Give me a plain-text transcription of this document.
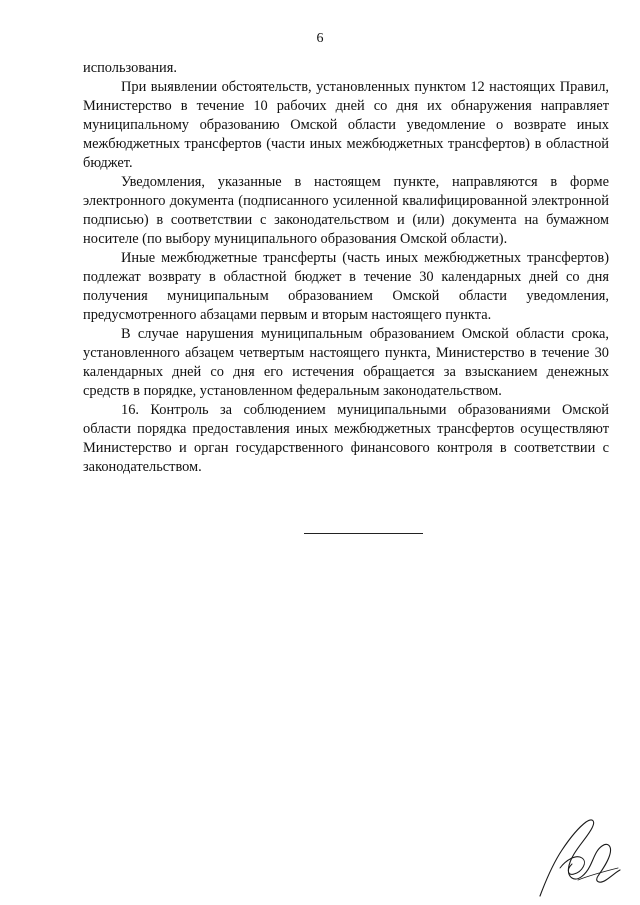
6

использования.

При выявлении обстоятельств, установленных пунктом 12 настоящих Правил, Министерство в течение 10 рабочих дней со дня их обнаружения направляет муниципальному образованию Омской области уведомление о возврате иных межбюджетных трансфертов (части иных межбюджетных трансфертов) в областной бюджет.

Уведомления, указанные в настоящем пункте, направляются в форме электронного документа (подписанного усиленной квалифицированной электронной подписью) в соответствии с законодательством и (или) документа на бумажном носителе (по выбору муниципального образования Омской области).

Иные межбюджетные трансферты (часть иных межбюджетных трансфертов) подлежат возврату в областной бюджет в течение 30 календарных дней со дня получения муниципальным образованием Омской области уведомления, предусмотренного абзацами первым и вторым настоящего пункта.

В случае нарушения муниципальным образованием Омской области срока, установленного абзацем четвертым настоящего пункта, Министерство в течение 30 календарных дней со дня его истечения обращается за взысканием денежных средств в порядке, установленном федеральным законодательством.

16. Контроль за соблюдением муниципальными образованиями Омской области порядка предоставления иных межбюджетных трансфертов осуществляют Министерство и орган государственного финансового контроля в соответствии с законодательством.
